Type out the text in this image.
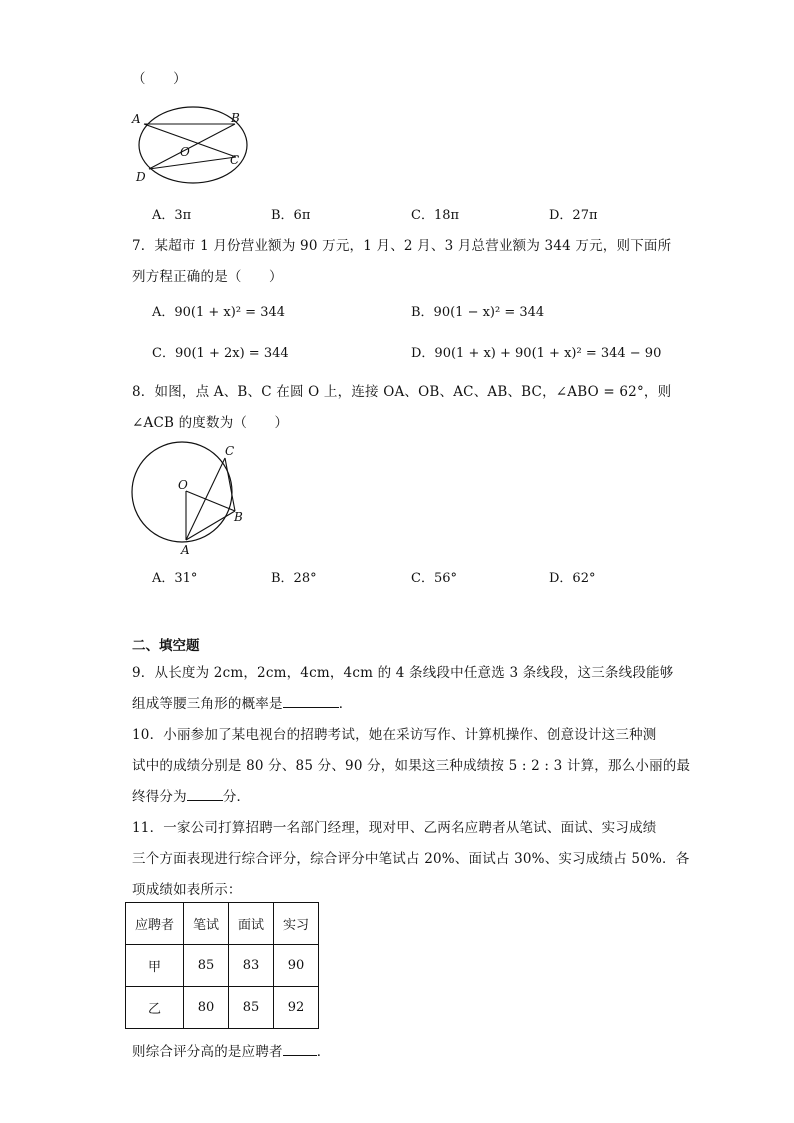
（　　）
A	B
O
C
D
A．3π	B．6π	C．18π	D．27π
7．某超市 1 月份营业额为 90 万元，1 月、2 月、3 月总营业额为 344 万元，则下面所
列方程正确的是（　　）
A．90(1 + x)² = 344	B．90(1 − x)² = 344
C．90(1 + 2x) = 344	D．90(1 + x) + 90(1 + x)² = 344 − 90
8．如图，点 A、B、C 在圆 O 上，连接 OA、OB、AC、AB、BC，∠ABO = 62°，则
∠ACB 的度数为（　　）
O
C
B
A
A．31°	B．28°	C．56°	D．62°
二、填空题
9．从长度为 2cm，2cm，4cm，4cm 的 4 条线段中任意选 3 条线段，这三条线段能够
组成等腰三角形的概率是	．
10．小丽参加了某电视台的招聘考试，她在采访写作、计算机操作、创意设计这三种测
试中的成绩分别是 80 分、85 分、90 分，如果这三种成绩按 5 : 2 : 3 计算，那么小丽的最
终得分为	分．
11．一家公司打算招聘一名部门经理，现对甲、乙两名应聘者从笔试、面试、实习成绩
三个方面表现进行综合评分，综合评分中笔试占 20%、面试占 30%、实习成绩占 50%．各
项成绩如表所示：
应聘者	笔试	面试	实习
甲	85	83	90
乙	80	85	92
则综合评分高的是应聘者	．
